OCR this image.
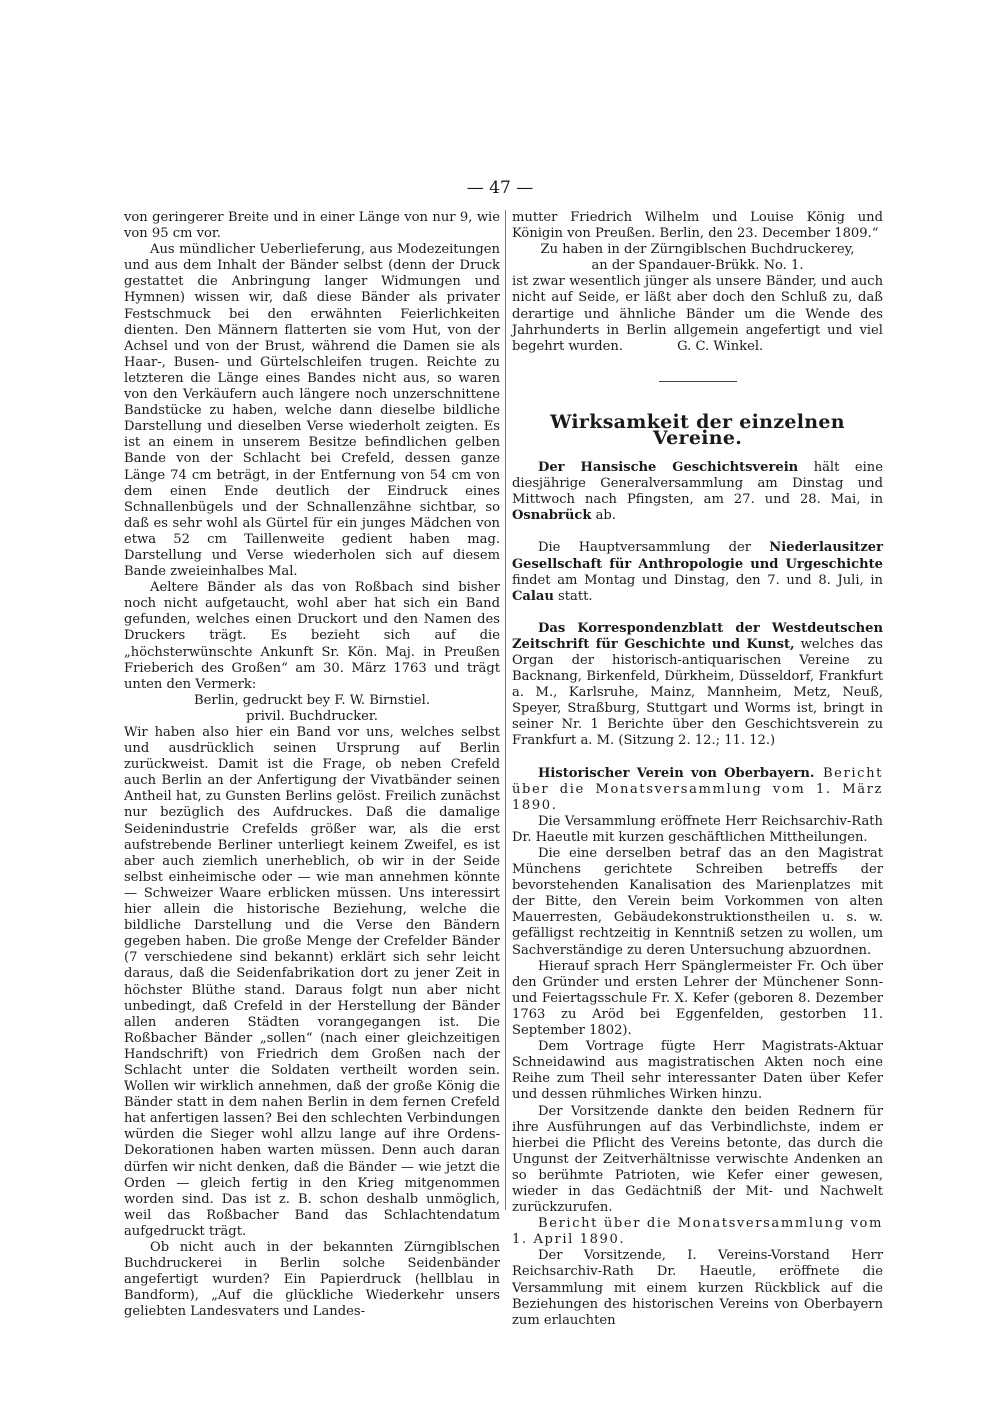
— 47 —

von geringerer Breite und in einer Länge von nur 9, wie von 95 cm vor.

Aus mündlicher Ueberlieferung, aus Modezeitungen und aus dem Inhalt der Bänder selbst (denn der Druck gestattet die Anbringung langer Widmungen und Hymnen) wissen wir, daß diese Bänder als privater Festschmuck bei den erwähnten Feierlichkeiten dienten. Den Männern flatterten sie vom Hut, von der Achsel und von der Brust, während die Damen sie als Haar-, Busen- und Gürtelschleifen trugen. Reichte zu letzteren die Länge eines Bandes nicht aus, so waren von den Verkäufern auch längere noch unzerschnittene Bandstücke zu haben, welche dann dieselbe bildliche Darstellung und dieselben Verse wiederholt zeigten. Es ist an einem in unserem Besitze befindlichen gelben Bande von der Schlacht bei Crefeld, dessen ganze Länge 74 cm beträgt, in der Entfernung von 54 cm von dem einen Ende deutlich der Eindruck eines Schnallenbügels und der Schnallenzähne sichtbar, so daß es sehr wohl als Gürtel für ein junges Mädchen von etwa 52 cm Taillenweite gedient haben mag. Darstellung und Verse wiederholen sich auf diesem Bande zweieinhalbes Mal.

Aeltere Bänder als das von Roßbach sind bisher noch nicht aufgetaucht, wohl aber hat sich ein Band gefunden, welches einen Druckort und den Namen des Druckers trägt. Es bezieht sich auf die „höchsterwünschte Ankunft Sr. Kön. Maj. in Preußen Frieberich des Großen“ am 30. März 1763 und trägt unten den Vermerk:

Berlin, gedruckt bey F. W. Birnstiel.

privil. Buchdrucker.

Wir haben also hier ein Band vor uns, welches selbst und ausdrücklich seinen Ursprung auf Berlin zurückweist. Damit ist die Frage, ob neben Crefeld auch Berlin an der Anfertigung der Vivatbänder seinen Antheil hat, zu Gunsten Berlins gelöst. Freilich zunächst nur bezüglich des Aufdruckes. Daß die damalige Seidenindustrie Crefelds größer war, als die erst aufstrebende Berliner unterliegt keinem Zweifel, es ist aber auch ziemlich unerheblich, ob wir in der Seide selbst einheimische oder — wie man annehmen könnte — Schweizer Waare erblicken müssen. Uns interessirt hier allein die historische Beziehung, welche die bildliche Darstellung und die Verse den Bändern gegeben haben. Die große Menge der Crefelder Bänder (7 verschiedene sind bekannt) erklärt sich sehr leicht daraus, daß die Seidenfabrikation dort zu jener Zeit in höchster Blüthe stand. Daraus folgt nun aber nicht unbedingt, daß Crefeld in der Herstellung der Bänder allen anderen Städten vorangegangen ist. Die Roßbacher Bänder „sollen“ (nach einer gleichzeitigen Handschrift) von Friedrich dem Großen nach der Schlacht unter die Soldaten vertheilt worden sein. Wollen wir wirklich annehmen, daß der große König die Bänder statt in dem nahen Berlin in dem fernen Crefeld hat anfertigen lassen? Bei den schlechten Verbindungen würden die Sieger wohl allzu lange auf ihre Ordens-Dekorationen haben warten müssen. Denn auch daran dürfen wir nicht denken, daß die Bänder — wie jetzt die Orden — gleich fertig in den Krieg mitgenommen worden sind. Das ist z. B. schon deshalb unmöglich, weil das Roßbacher Band das Schlachtendatum aufgedruckt trägt.

Ob nicht auch in der bekannten Zürngiblschen Buchdruckerei in Berlin solche Seidenbänder angefertigt wurden? Ein Papierdruck (hellblau in Bandform), „Auf die glückliche Wiederkehr unsers geliebten Landesvaters und Landes-

mutter Friedrich Wilhelm und Louise König und Königin von Preußen. Berlin, den 23. December 1809.“

Zu haben in der Zürngiblschen Buchdruckerey,

an der Spandauer-Brükk. No. 1.

ist zwar wesentlich jünger als unsere Bänder, und auch nicht auf Seide, er läßt aber doch den Schluß zu, daß derartige und ähnliche Bänder um die Wende des Jahrhunderts in Berlin allgemein angefertigt und viel begehrt wurden.	G. C. Winkel.

Wirksamkeit der einzelnen Vereine.

Der Hansische Geschichtsverein hält eine diesjährige Generalversammlung am Dinstag und Mittwoch nach Pfingsten, am 27. und 28. Mai, in Osnabrück ab.

Die Hauptversammlung der Niederlausitzer Gesellschaft für Anthropologie und Urgeschichte findet am Montag und Dinstag, den 7. und 8. Juli, in Calau statt.

Das Korrespondenzblatt der Westdeutschen Zeitschrift für Geschichte und Kunst, welches das Organ der historisch-antiquarischen Vereine zu Backnang, Birkenfeld, Dürkheim, Düsseldorf, Frankfurt a. M., Karlsruhe, Mainz, Mannheim, Metz, Neuß, Speyer, Straßburg, Stuttgart und Worms ist, bringt in seiner Nr. 1 Berichte über den Geschichtsverein zu Frankfurt a. M. (Sitzung 2. 12.; 11. 12.)

Historischer Verein von Oberbayern. Bericht über die Monatsversammlung vom 1. März 1890.

Die Versammlung eröffnete Herr Reichsarchiv-Rath Dr. Haeutle mit kurzen geschäftlichen Mittheilungen.

Die eine derselben betraf das an den Magistrat Münchens gerichtete Schreiben betreffs der bevorstehenden Kanalisation des Marienplatzes mit der Bitte, den Verein beim Vorkommen von alten Mauerresten, Gebäudekonstruktionstheilen u. s. w. gefälligst rechtzeitig in Kenntniß setzen zu wollen, um Sachverständige zu deren Untersuchung abzuordnen.

Hierauf sprach Herr Spänglermeister Fr. Och über den Gründer und ersten Lehrer der Münchener Sonn- und Feiertagsschule Fr. X. Kefer (geboren 8. Dezember 1763 zu Aröd bei Eggenfelden, gestorben 11. September 1802).

Dem Vortrage fügte Herr Magistrats-Aktuar Schneidawind aus magistratischen Akten noch eine Reihe zum Theil sehr interessanter Daten über Kefer und dessen rühmliches Wirken hinzu.

Der Vorsitzende dankte den beiden Rednern für ihre Ausführungen auf das Verbindlichste, indem er hierbei die Pflicht des Vereins betonte, das durch die Ungunst der Zeitverhältnisse verwischte Andenken an so berühmte Patrioten, wie Kefer einer gewesen, wieder in das Gedächtniß der Mit- und Nachwelt zurückzurufen.

Bericht über die Monatsversammlung vom 1. April 1890.

Der Vorsitzende, I. Vereins-Vorstand Herr Reichsarchiv-Rath Dr. Haeutle, eröffnete die Versammlung mit einem kurzen Rückblick auf die Beziehungen des historischen Vereins von Oberbayern zum erlauchten
